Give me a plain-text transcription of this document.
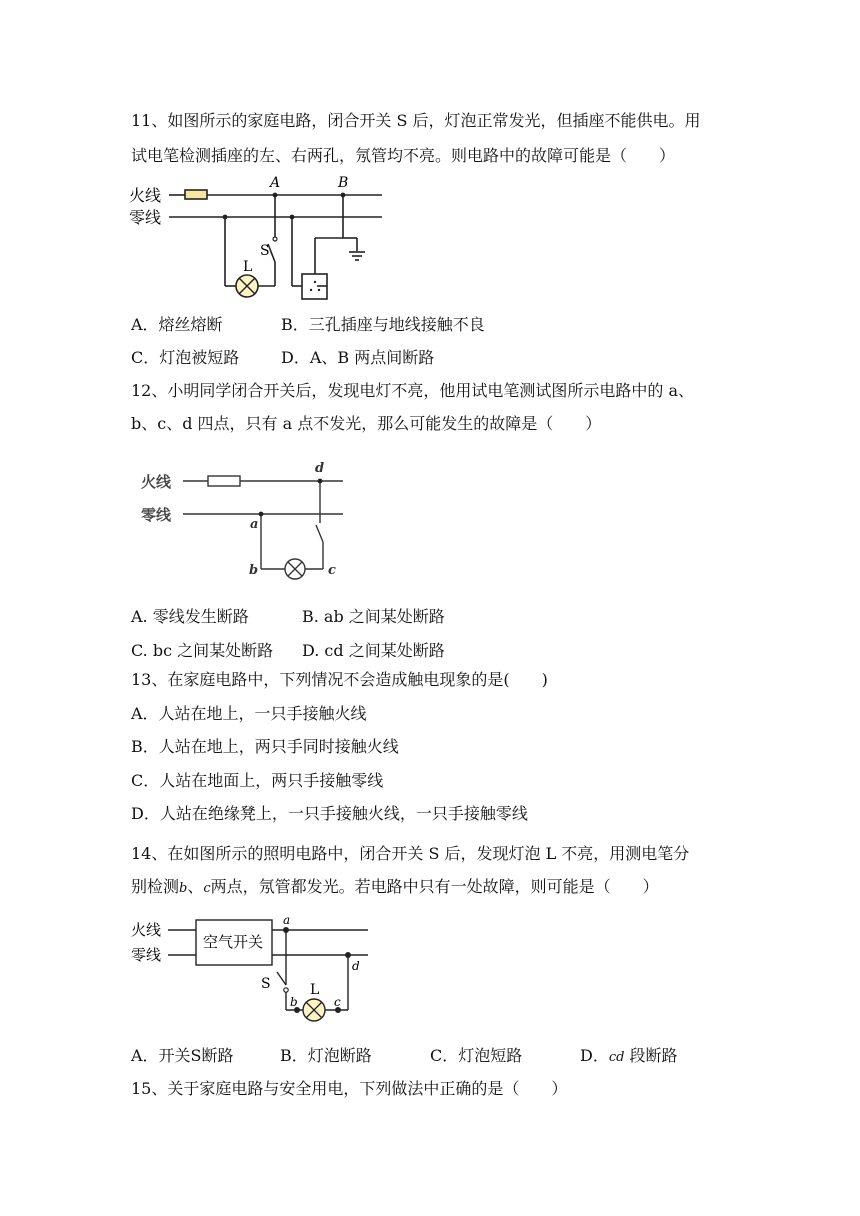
11、如图所示的家庭电路，闭合开关 S 后，灯泡正常发光，但插座不能供电。用
试电笔检测插座的左、右两孔，氖管均不亮。则电路中的故障可能是（　　）
火线
零线
A	B
S
L
A．熔丝熔断	B．三孔插座与地线接触不良
C．灯泡被短路	D．A、B 两点间断路
12、小明同学闭合开关后，发现电灯不亮，他用试电笔测试图所示电路中的 a、
b、c、d 四点，只有 a 点不发光，那么可能发生的故障是（　　）
火线
零线
a
b	c
d
A. 零线发生断路	B. ab 之间某处断路
C. bc 之间某处断路 D. cd 之间某处断路
13、在家庭电路中，下列情况不会造成触电现象的是(　　)
A．人站在地上，一只手接触火线
B．人站在地上，两只手同时接触火线
C．人站在地面上，两只手接触零线
D．人站在绝缘凳上，一只手接触火线，一只手接触零线
14、在如图所示的照明电路中，闭合开关 S 后，发现灯泡 L 不亮，用测电笔分
别检测b、c两点，氖管都发光。若电路中只有一处故障，则可能是（　　）
火线
零线
空气开关
a
b	c
d
S	L
A．开关S断路	B．灯泡断路	C．灯泡短路	D．cd 段断路
15、关于家庭电路与安全用电，下列做法中正确的是（　　）
